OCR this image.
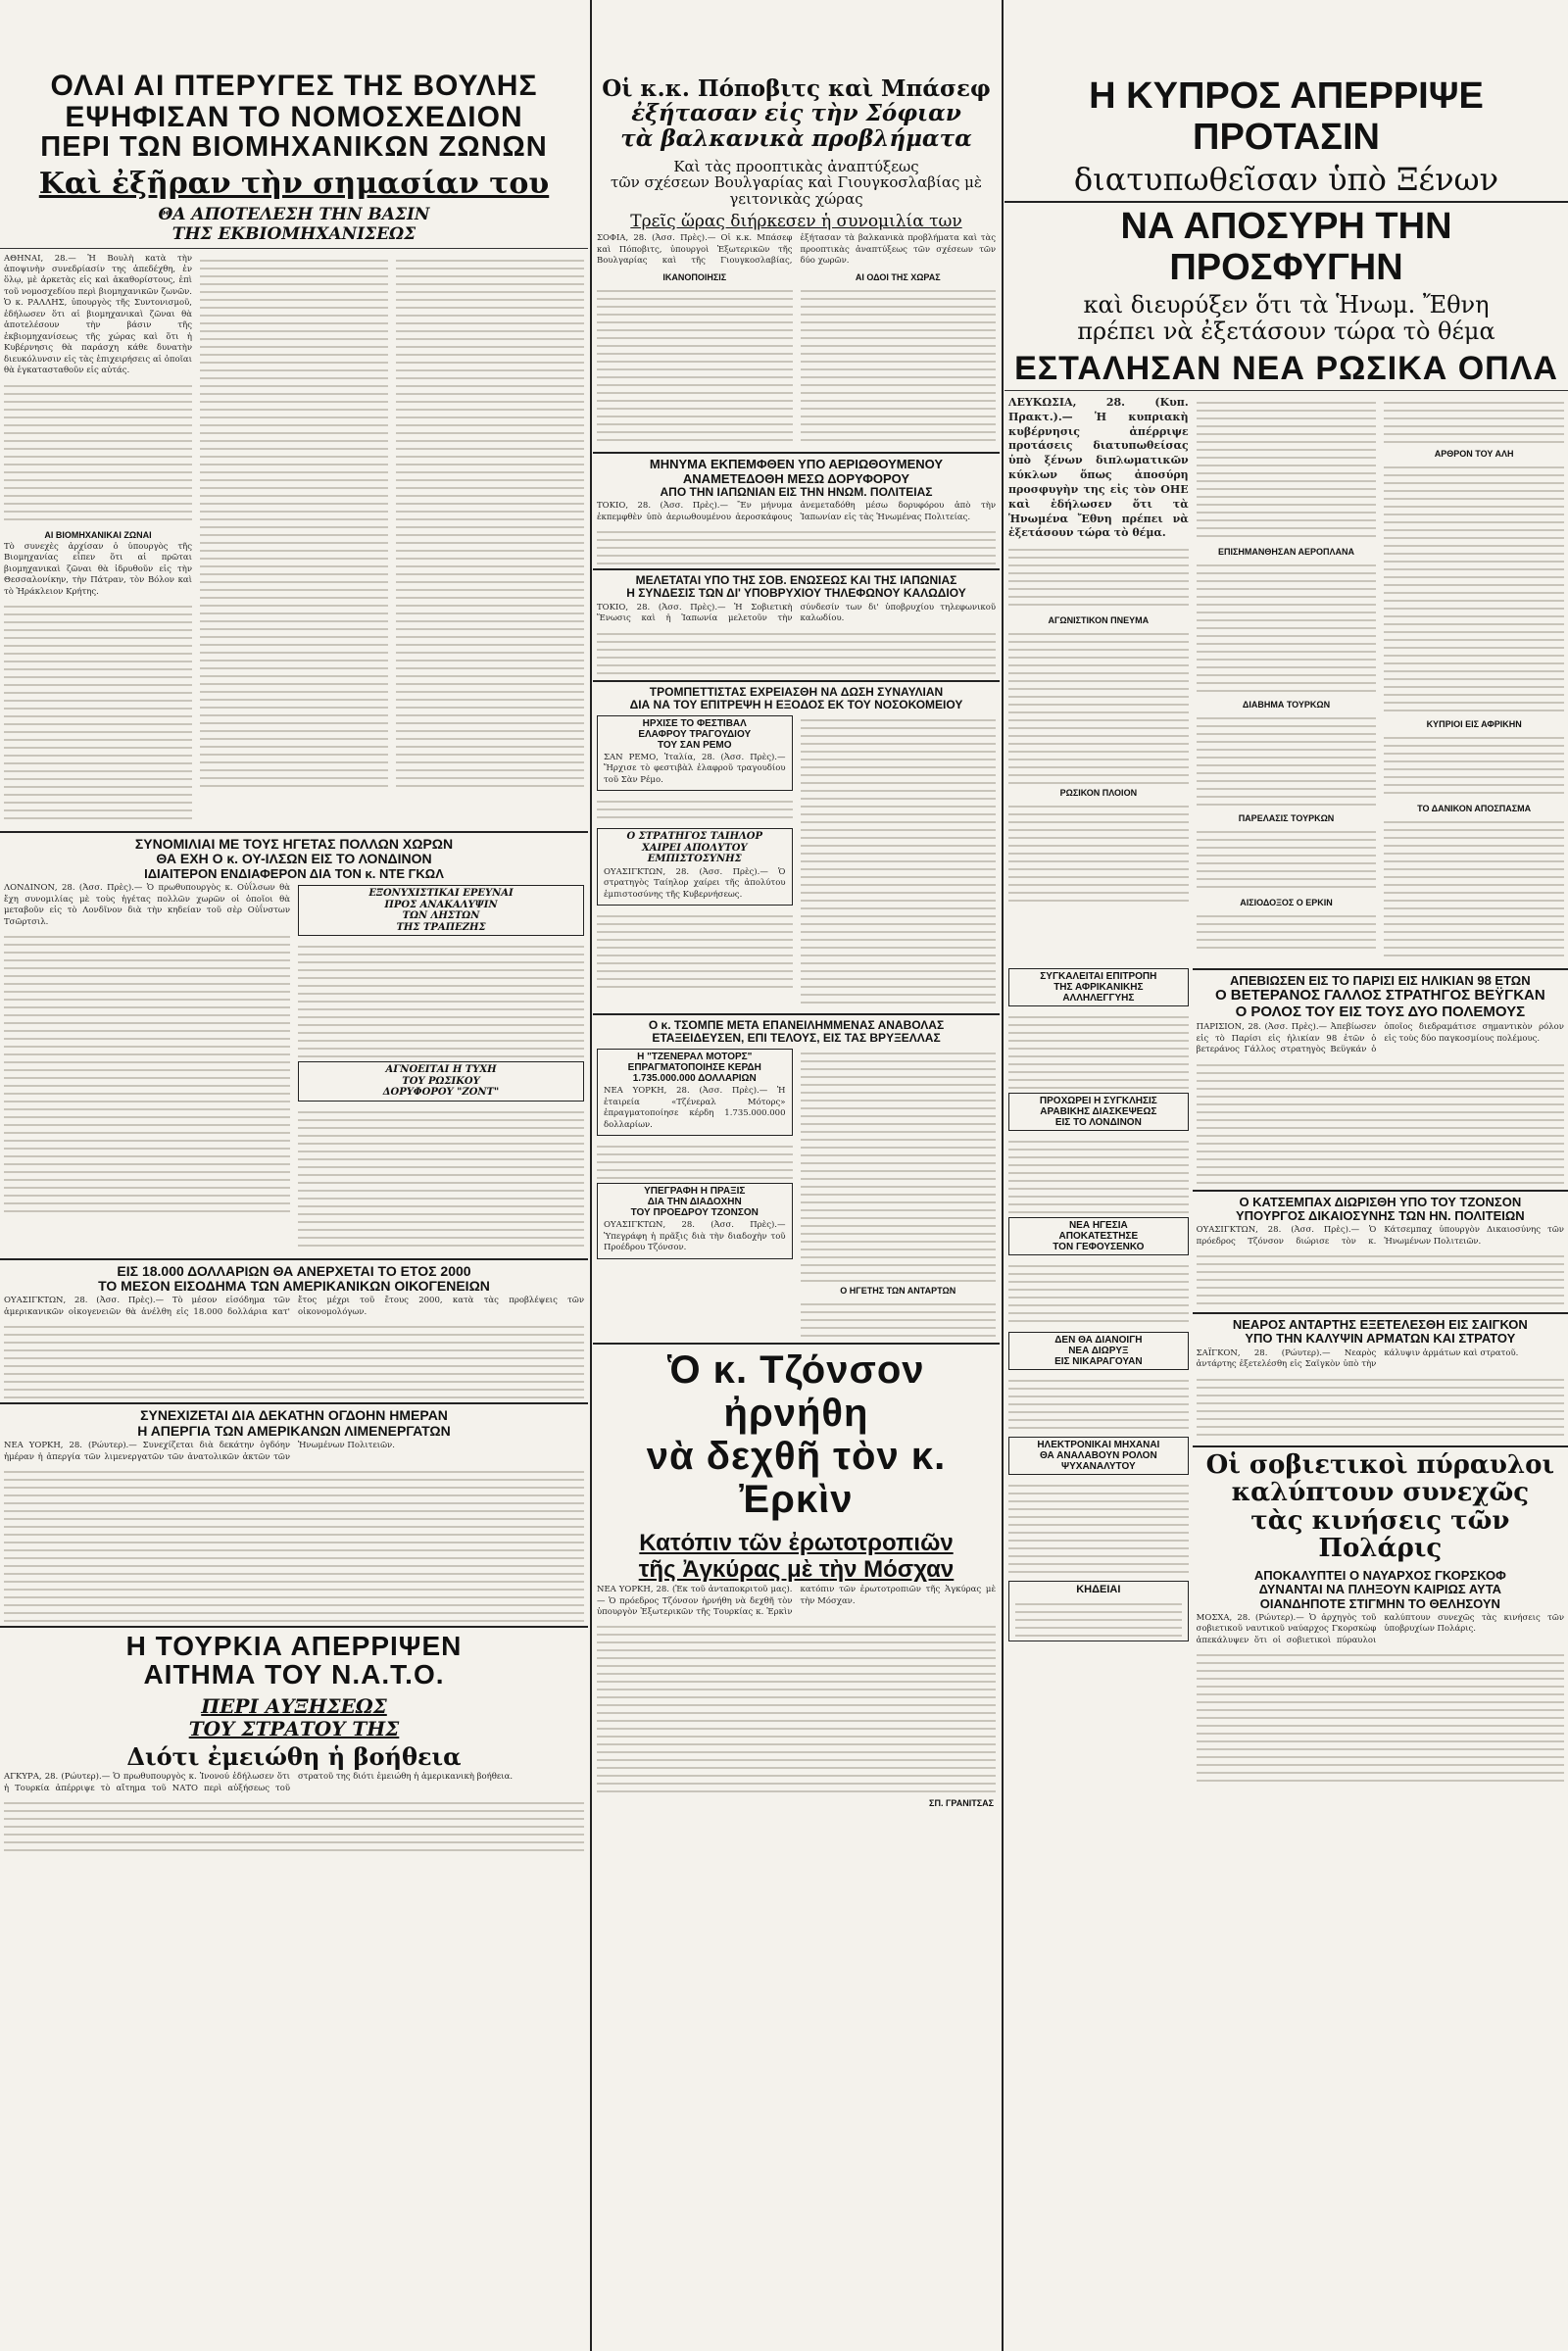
ΟΛΑΙ ΑΙ ΠΤΕΡΥΓΕΣ ΤΗΣ ΒΟΥΛΗΣ

ΕΨΗΦΙΣΑΝ ΤΟ ΝΟΜΟΣΧΕΔΙΟΝ

ΠΕΡΙ ΤΩΝ ΒΙΟΜΗΧΑΝΙΚΩΝ ΖΩΝΩΝ

Καὶ ἐξῆραν τὴν σημασίαν του

ΘΑ ΑΠΟΤΕΛΕΣΗ ΤΗΝ ΒΑΣΙΝ

ΤΗΣ ΕΚΒΙΟΜΗΧΑΝΙΣΕΩΣ

ΑΘΗΝΑΙ, 28.— Ἡ Βουλὴ κατὰ τὴν ἀποψινὴν συνεδρίασίν της ἀπεδέχθη, ἐν ὅλῳ, μὲ ἀρκετὰς εἰς καὶ ἀκαθορίστους, ἐπὶ τοῦ νομοσχεδίου περὶ βιομηχανικῶν ζωνῶν. Ὁ κ. ΡΑΛΛΗΣ, ὑπουργὸς τῆς Συντονισμοῦ, ἐδήλωσεν ὅτι αἱ βιομηχανικαὶ ζῶναι θὰ ἀποτελέσουν τὴν βάσιν τῆς ἐκβιομηχανίσεως τῆς χώρας καὶ ὅτι ἡ Κυβέρνησις θὰ παράσχη κάθε δυνατὴν διευκόλυνσιν εἰς τὰς ἐπιχειρήσεις αἱ ὁποῖαι θὰ ἐγκατασταθοῦν εἰς αὐτάς.

ΑΙ ΒΙΟΜΗΧΑΝΙΚΑΙ ΖΩΝΑΙ

Τὸ συνεχὲς ἀρχίσαν ὁ ὑπουργὸς τῆς Βιομηχανίας εἶπεν ὅτι αἱ πρῶται βιομηχανικαὶ ζῶναι θὰ ἱδρυθοῦν εἰς τὴν Θεσσαλονίκην, τὴν Πάτραν, τὸν Βόλον καὶ τὸ Ἡράκλειον Κρήτης.

ΣΥΝΟΜΙΛΙΑΙ ΜΕ ΤΟΥΣ ΗΓΕΤΑΣ ΠΟΛΛΩΝ ΧΩΡΩΝ

ΘΑ ΕΧΗ Ο κ. ΟΥ-ΙΛΣΩΝ ΕΙΣ ΤΟ ΛΟΝΔΙΝΟΝ

ΙΔΙΑΙΤΕΡΟΝ ΕΝΔΙΑΦΕΡΟΝ ΔΙΑ ΤΟΝ κ. ΝΤΕ ΓΚΩΛ

ΛΟΝΔΙΝΟΝ, 28. (Ἀσσ. Πρὲς).— Ὁ πρωθυπουργὸς κ. Οὐΐλσων θὰ ἔχη συνομιλίας μὲ τοὺς ἡγέτας πολλῶν χωρῶν οἱ ὁποῖοι θὰ μεταβοῦν εἰς τὸ Λονδῖνον διὰ τὴν κηδείαν τοῦ σὲρ Οὐΐνστων Τσῶρτσιλ.

ΕΞΟΝΥΧΙΣΤΙΚΑΙ ΕΡΕΥΝΑΙ

ΠΡΟΣ ΑΝΑΚΑΛΥΨΙΝ

ΤΩΝ ΛΗΣΤΩΝ

ΤΗΣ ΤΡΑΠΕΖΗΣ

ΑΓΝΟΕΙΤΑΙ Η ΤΥΧΗ

ΤΟΥ ΡΩΣΙΚΟΥ

ΔΟΡΥΦΟΡΟΥ "ΖΟΝΤ"

ΕΙΣ 18.000 ΔΟΛΛΑΡΙΩΝ ΘΑ ΑΝΕΡΧΕΤΑΙ ΤΟ ΕΤΟΣ 2000

ΤΟ ΜΕΣΟΝ ΕΙΣΟΔΗΜΑ ΤΩΝ ΑΜΕΡΙΚΑΝΙΚΩΝ ΟΙΚΟΓΕΝΕΙΩΝ

ΟΥΑΣΙΓΚΤΩΝ, 28. (Ἀσσ. Πρὲς).— Τὸ μέσον εἰσόδημα τῶν ἀμερικανικῶν οἰκογενειῶν θὰ ἀνέλθη εἰς 18.000 δολλάρια κατ' ἔτος μέχρι τοῦ ἔτους 2000, κατὰ τὰς προβλέψεις τῶν οἰκονομολόγων.

ΣΥΝΕΧΙΖΕΤΑΙ ΔΙΑ ΔΕΚΑΤΗΝ ΟΓΔΟΗΝ ΗΜΕΡΑΝ

Η ΑΠΕΡΓΙΑ ΤΩΝ ΑΜΕΡΙΚΑΝΩΝ ΛΙΜΕΝΕΡΓΑΤΩΝ

ΝΕΑ ΥΟΡΚΗ, 28. (Ρώυτερ).— Συνεχίζεται διὰ δεκάτην ὀγδόην ἡμέραν ἡ ἀπεργία τῶν λιμενεργατῶν τῶν ἀνατολικῶν ἀκτῶν τῶν Ἡνωμένων Πολιτειῶν.

Η ΤΟΥΡΚΙΑ ΑΠΕΡΡΙΨΕΝ

ΑΙΤΗΜΑ ΤΟΥ Ν.Α.Τ.Ο.

ΠΕΡΙ ΑΥΞΗΣΕΩΣ

ΤΟΥ ΣΤΡΑΤΟΥ ΤΗΣ

Διότι ἐμειώθη ἡ βοήθεια

ΑΓΚΥΡΑ, 28. (Ρώυτερ).— Ὁ πρωθυπουργὸς κ. Ἰνονού ἐδήλωσεν ὅτι ἡ Τουρκία ἀπέρριψε τὸ αἴτημα τοῦ ΝΑΤΟ περὶ αὐξήσεως τοῦ στρατοῦ της διότι ἐμειώθη ἡ ἀμερικανικὴ βοήθεια.

Οἱ κ.κ. Πόποβιτς καὶ Μπάσεφ

ἐξήτασαν εἰς τὴν Σόφιαν

τὰ βαλκανικὰ προβλήματα

Καὶ τὰς προοπτικὰς ἀναπτύξεως

τῶν σχέσεων Βουλγαρίας καὶ Γιουγκοσλαβίας μὲ γειτονικὰς χώρας

Τρεῖς ὥρας διήρκεσεν ἡ συνομιλία των

ΣΟΦΙΑ, 28. (Ἀσσ. Πρὲς).— Οἱ κ.κ. Μπάσεφ καὶ Πόποβιτς, ὑπουργοὶ Ἐξωτερικῶν τῆς Βουλγαρίας καὶ τῆς Γιουγκοσλαβίας, ἐξήτασαν τὰ βαλκανικὰ προβλήματα καὶ τὰς προοπτικὰς ἀναπτύξεως τῶν σχέσεων τῶν δύο χωρῶν.

ΙΚΑΝΟΠΟΙΗΣΙΣ	ΑΙ ΟΔΟΙ ΤΗΣ ΧΩΡΑΣ

ΜΗΝΥΜΑ ΕΚΠΕΜΦΘΕΝ ΥΠΟ ΑΕΡΙΩΘΟΥΜΕΝΟΥ

ΑΝΑΜΕΤΕΔΟΘΗ ΜΕΣΩ ΔΟΡΥΦΟΡΟΥ

ΑΠΟ ΤΗΝ ΙΑΠΩΝΙΑΝ ΕΙΣ ΤΗΝ ΗΝΩΜ. ΠΟΛΙΤΕΙΑΣ

ΤΟΚΙΟ, 28. (Ἀσσ. Πρὲς).— Ἓν μήνυμα ἐκπεμφθὲν ὑπὸ ἀεριωθουμένου ἀεροσκάφους ἀνεμεταδόθη μέσω δορυφόρου ἀπὸ τὴν Ἰαπωνίαν εἰς τὰς Ἡνωμένας Πολιτείας.

ΜΕΛΕΤΑΤΑΙ ΥΠΟ ΤΗΣ ΣΟΒ. ΕΝΩΣΕΩΣ ΚΑΙ ΤΗΣ ΙΑΠΩΝΙΑΣ

Η ΣΥΝΔΕΣΙΣ ΤΩΝ ΔΙ' ΥΠΟΒΡΥΧΙΟΥ ΤΗΛΕΦΩΝΟΥ ΚΑΛΩΔΙΟΥ

ΤΟΚΙΟ, 28. (Ἀσσ. Πρὲς).— Ἡ Σοβιετικὴ Ἕνωσις καὶ ἡ Ἰαπωνία μελετοῦν τὴν σύνδεσίν των δι' ὑποβρυχίου τηλεφωνικοῦ καλωδίου.

ΤΡΟΜΠΕΤΤΙΣΤΑΣ ΕΧΡΕΙΑΣΘΗ ΝΑ ΔΩΣΗ ΣΥΝΑΥΛΙΑΝ

ΔΙΑ ΝΑ ΤΟΥ ΕΠΙΤΡΕΨΗ Η ΕΞΟΔΟΣ ΕΚ ΤΟΥ ΝΟΣΟΚΟΜΕΙΟΥ

ΗΡΧΙΣΕ ΤΟ ΦΕΣΤΙΒΑΛ

ΕΛΑΦΡΟΥ ΤΡΑΓΟΥΔΙΟΥ

ΤΟΥ ΣΑΝ ΡΕΜΟ

ΣΑΝ ΡΕΜΟ, Ἰταλία, 28. (Ἀσσ. Πρὲς).— Ἤρχισε τὸ φεστιβὰλ ἐλαφροῦ τραγουδίου τοῦ Σὰν Ρέμο.

Ο ΣΤΡΑΤΗΓΟΣ ΤΑΙΗΛΟΡ

ΧΑΙΡΕΙ ΑΠΟΛΥΤΟΥ

ΕΜΠΙΣΤΟΣΥΝΗΣ

ΟΥΑΣΙΓΚΤΩΝ, 28. (Ἀσσ. Πρὲς).— Ὁ στρατηγὸς Ταίηλορ χαίρει τῆς ἀπολύτου ἐμπιστοσύνης τῆς Κυβερνήσεως.

Ο κ. ΤΣΟΜΠΕ ΜΕΤΑ ΕΠΑΝΕΙΛΗΜΜΕΝΑΣ ΑΝΑΒΟΛΑΣ

ΕΤΑΞΕΙΔΕΥΣΕΝ, ΕΠΙ ΤΕΛΟΥΣ, ΕΙΣ ΤΑΣ ΒΡΥΞΕΛΛΑΣ

Η "ΤΖΕΝΕΡΑΛ ΜΟΤΟΡΣ"

ΕΠΡΑΓΜΑΤΟΠΟΙΗΣΕ ΚΕΡΔΗ

1.735.000.000 ΔΟΛΛΑΡΙΩΝ

ΝΕΑ ΥΟΡΚΗ, 28. (Ἀσσ. Πρὲς).— Ἡ ἑταιρεία «Τζένεραλ Μότορς» ἐπραγματοποίησε κέρδη 1.735.000.000 δολλαρίων.

ΥΠΕΓΡΑΦΗ Η ΠΡΑΞΙΣ

ΔΙΑ ΤΗΝ ΔΙΑΔΟΧΗΝ

ΤΟΥ ΠΡΟΕΔΡΟΥ ΤΖΟΝΣΟΝ

ΟΥΑΣΙΓΚΤΩΝ, 28. (Ἀσσ. Πρὲς).— Ὑπεγράφη ἡ πρᾶξις διὰ τὴν διαδοχὴν τοῦ Προέδρου Τζόνσον.

Ο ΗΓΕΤΗΣ ΤΩΝ ΑΝΤΑΡΤΩΝ

Ὁ κ. Τζόνσον ἠρνήθη

νὰ δεχθῆ τὸν κ. Ἐρκὶν

Κατόπιν τῶν ἐρωτοτροπιῶν

τῆς Ἀγκύρας μὲ τὴν Μόσχαν

ΝΕΑ ΥΟΡΚΗ, 28. (Ἐκ τοῦ ἀνταποκριτοῦ μας).— Ὁ πρόεδρος Τζόνσον ἠρνήθη νὰ δεχθῆ τὸν ὑπουργὸν Ἐξωτερικῶν τῆς Τουρκίας κ. Ἐρκὶν κατόπιν τῶν ἐρωτοτροπιῶν τῆς Ἀγκύρας μὲ τὴν Μόσχαν.

ΣΠ. ΓΡΑΝΙΤΣΑΣ

Η ΚΥΠΡΟΣ ΑΠΕΡΡΙΨΕ ΠΡΟΤΑΣΙΝ

διατυπωθεῖσαν ὑπὸ Ξένων

ΝΑ ΑΠΟΣΥΡΗ ΤΗΝ ΠΡΟΣΦΥΓΗΝ

καὶ διευρύξεν ὅτι τὰ Ἡνωμ. Ἔθνη

πρέπει νὰ ἐξετάσουν τώρα τὸ θέμα

ΕΣΤΑΛΗΣΑΝ ΝΕΑ ΡΩΣΙΚΑ ΟΠΛΑ

ΛΕΥΚΩΣΙΑ, 28. (Κυπ. Πρακτ.).— Ἡ κυπριακὴ κυβέρνησις ἀπέρριψε προτάσεις διατυπωθείσας ὑπὸ ξένων διπλωματικῶν κύκλων ὅπως ἀποσύρη προσφυγὴν της εἰς τὸν ΟΗΕ καὶ ἐδήλωσεν ὅτι τὰ Ἡνωμένα Ἔθνη πρέπει νὰ ἐξετάσουν τώρα τὸ θέμα.

ΑΓΩΝΙΣΤΙΚΟΝ ΠΝΕΥΜΑ

ΡΩΣΙΚΟΝ ΠΛΟΙΟΝ

ΕΠΙΣΗΜΑΝΘΗΣΑΝ ΑΕΡΟΠΛΑΝΑ

ΔΙΑΒΗΜΑ ΤΟΥΡΚΩΝ

ΠΑΡΕΛΑΣΙΣ ΤΟΥΡΚΩΝ

ΑΙΣΙΟΔΟΞΟΣ Ο ΕΡΚΙΝ

ΑΡΘΡΟΝ ΤΟΥ ΑΛΗ

ΚΥΠΡΙΟΙ ΕΙΣ ΑΦΡΙΚΗΝ

ΤΟ ΔΑΝΙΚΟΝ ΑΠΟΣΠΑΣΜΑ

ΣΥΓΚΑΛΕΙΤΑΙ ΕΠΙΤΡΟΠΗ

ΤΗΣ ΑΦΡΙΚΑΝΙΚΗΣ

ΑΛΛΗΛΕΓΓΥΗΣ

ΠΡΟΧΩΡΕΙ Η ΣΥΓΚΛΗΣΙΣ

ΑΡΑΒΙΚΗΣ ΔΙΑΣΚΕΨΕΩΣ

ΕΙΣ ΤΟ ΛΟΝΔΙΝΟΝ

ΝΕΑ ΗΓΕΣΙΑ

ΑΠΟΚΑΤΕΣΤΗΣΕ

ΤΟΝ ΓΕΦΟΥΣΕΝΚΟ

ΔΕΝ ΘΑ ΔΙΑΝΟΙΓΗ

ΝΕΑ ΔΙΩΡΥΞ

ΕΙΣ ΝΙΚΑΡΑΓΟΥΑΝ

ΗΛΕΚΤΡΟΝΙΚΑΙ ΜΗΧΑΝΑΙ

ΘΑ ΑΝΑΛΑΒΟΥΝ ΡΟΛΟΝ

ΨΥΧΑΝΑΛΥΤΟΥ

ΚΗΔΕΙΑΙ

ΑΠΕΒΙΩΣΕΝ ΕΙΣ ΤΟ ΠΑΡΙΣΙ ΕΙΣ ΗΛΙΚΙΑΝ 98 ΕΤΩΝ

Ο ΒΕΤΕΡΑΝΟΣ ΓΑΛΛΟΣ ΣΤΡΑΤΗΓΟΣ ΒΕΫΓΚΑΝ

Ο ΡΟΛΟΣ ΤΟΥ ΕΙΣ ΤΟΥΣ ΔΥΟ ΠΟΛΕΜΟΥΣ

ΠΑΡΙΣΙΟΝ, 28. (Ἀσσ. Πρὲς).— Ἀπεβίωσεν εἰς τὸ Παρίσι εἰς ἡλικίαν 98 ἐτῶν ὁ βετεράνος Γάλλος στρατηγὸς Βεϋγκάν ὁ ὁποῖος διεδραμάτισε σημαντικὸν ρόλον εἰς τοὺς δύο παγκοσμίους πολέμους.

Ο ΚΑΤΣΕΜΠΑΧ ΔΙΩΡΙΣΘΗ ΥΠΟ ΤΟΥ ΤΖΟΝΣΟΝ

ΥΠΟΥΡΓΟΣ ΔΙΚΑΙΟΣΥΝΗΣ ΤΩΝ ΗΝ. ΠΟΛΙΤΕΙΩΝ

ΟΥΑΣΙΓΚΤΩΝ, 28. (Ἀσσ. Πρὲς).— Ὁ πρόεδρος Τζόνσον διώρισε τὸν κ. Κάτσεμπαχ ὑπουργὸν Δικαιοσύνης τῶν Ἡνωμένων Πολιτειῶν.

ΝΕΑΡΟΣ ΑΝΤΑΡΤΗΣ ΕΞΕΤΕΛΕΣΘΗ ΕΙΣ ΣΑΙΓΚΟΝ

ΥΠΟ ΤΗΝ ΚΑΛΥΨΙΝ ΑΡΜΑΤΩΝ ΚΑΙ ΣΤΡΑΤΟΥ

ΣΑΪΓΚΟΝ, 28. (Ρώυτερ).— Νεαρὸς ἀντάρτης ἐξετελέσθη εἰς Σαϊγκὸν ὑπὸ τὴν κάλυψιν ἀρμάτων καὶ στρατοῦ.

Οἱ σοβιετικοὶ πύραυλοι

καλύπτουν συνεχῶς

τὰς κινήσεις τῶν Πολάρις

ΑΠΟΚΑΛΥΠΤΕΙ Ο ΝΑΥΑΡΧΟΣ ΓΚΟΡΣΚΟΦ

ΔΥΝΑΝΤΑΙ ΝΑ ΠΛΗΞΟΥΝ ΚΑΙΡΙΩΣ ΑΥΤΑ

ΟΙΑΝΔΗΠΟΤΕ ΣΤΙΓΜΗΝ ΤΟ ΘΕΛΗΣΟΥΝ

ΜΟΣΧΑ, 28. (Ρώυτερ).— Ὁ ἀρχηγὸς τοῦ σοβιετικοῦ ναυτικοῦ ναύαρχος Γκορσκὼφ ἀπεκάλυψεν ὅτι οἱ σοβιετικοὶ πύραυλοι καλύπτουν συνεχῶς τὰς κινήσεις τῶν ὑποβρυχίων Πολάρις.
